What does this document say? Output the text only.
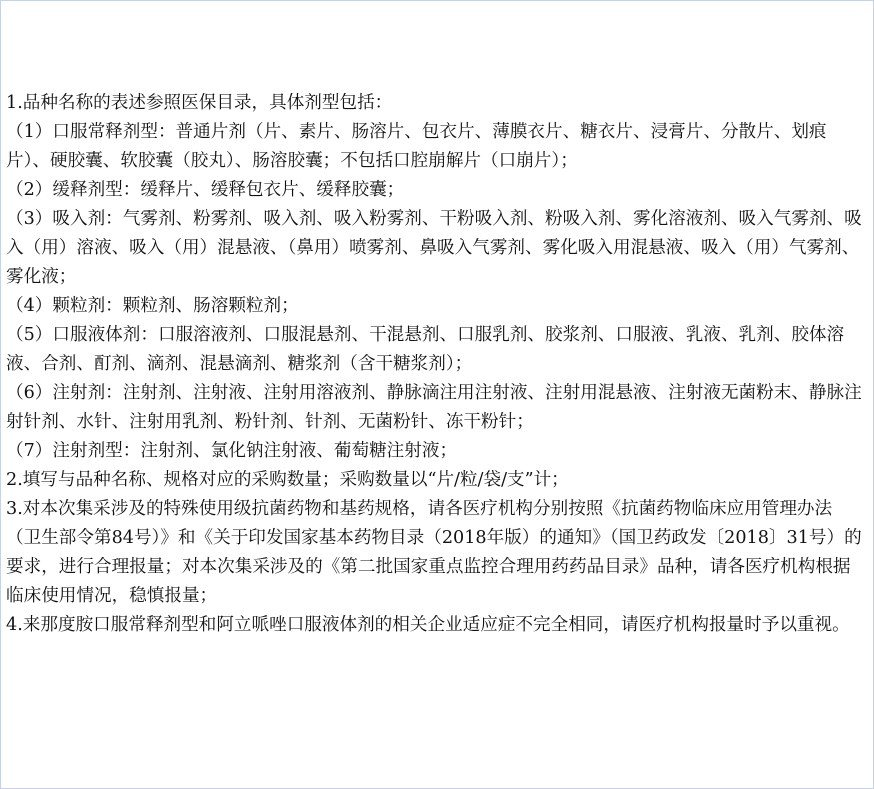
1.品种名称的表述参照医保目录，具体剂型包括：

（1）口服常释剂型：普通片剂（片、素片、肠溶片、包衣片、薄膜衣片、糖衣片、浸膏片、分散片、划痕片）、硬胶囊、软胶囊（胶丸）、肠溶胶囊；不包括口腔崩解片（口崩片）；

（2）缓释剂型：缓释片、缓释包衣片、缓释胶囊；

（3）吸入剂：气雾剂、粉雾剂、吸入剂、吸入粉雾剂、干粉吸入剂、粉吸入剂、雾化溶液剂、吸入气雾剂、吸入（用）溶液、吸入（用）混悬液、（鼻用）喷雾剂、鼻吸入气雾剂、雾化吸入用混悬液、吸入（用）气雾剂、雾化液；

（4）颗粒剂：颗粒剂、肠溶颗粒剂；

（5）口服液体剂：口服溶液剂、口服混悬剂、干混悬剂、口服乳剂、胶浆剂、口服液、乳液、乳剂、胶体溶液、合剂、酊剂、滴剂、混悬滴剂、糖浆剂（含干糖浆剂）；

（6）注射剂：注射剂、注射液、注射用溶液剂、静脉滴注用注射液、注射用混悬液、注射液无菌粉末、静脉注射针剂、水针、注射用乳剂、粉针剂、针剂、无菌粉针、冻干粉针；

（7）注射剂型：注射剂、氯化钠注射液、葡萄糖注射液；

2.填写与品种名称、规格对应的采购数量；采购数量以“片/粒/袋/支”计；

3.对本次集采涉及的特殊使用级抗菌药物和基药规格，请各医疗机构分别按照《抗菌药物临床应用管理办法（卫生部令第84号）》和《关于印发国家基本药物目录（2018年版）的通知》（国卫药政发〔2018〕31号）的要求，进行合理报量；对本次集采涉及的《第二批国家重点监控合理用药药品目录》品种，请各医疗机构根据临床使用情况，稳慎报量；

4.来那度胺口服常释剂型和阿立哌唑口服液体剂的相关企业适应症不完全相同，请医疗机构报量时予以重视。
